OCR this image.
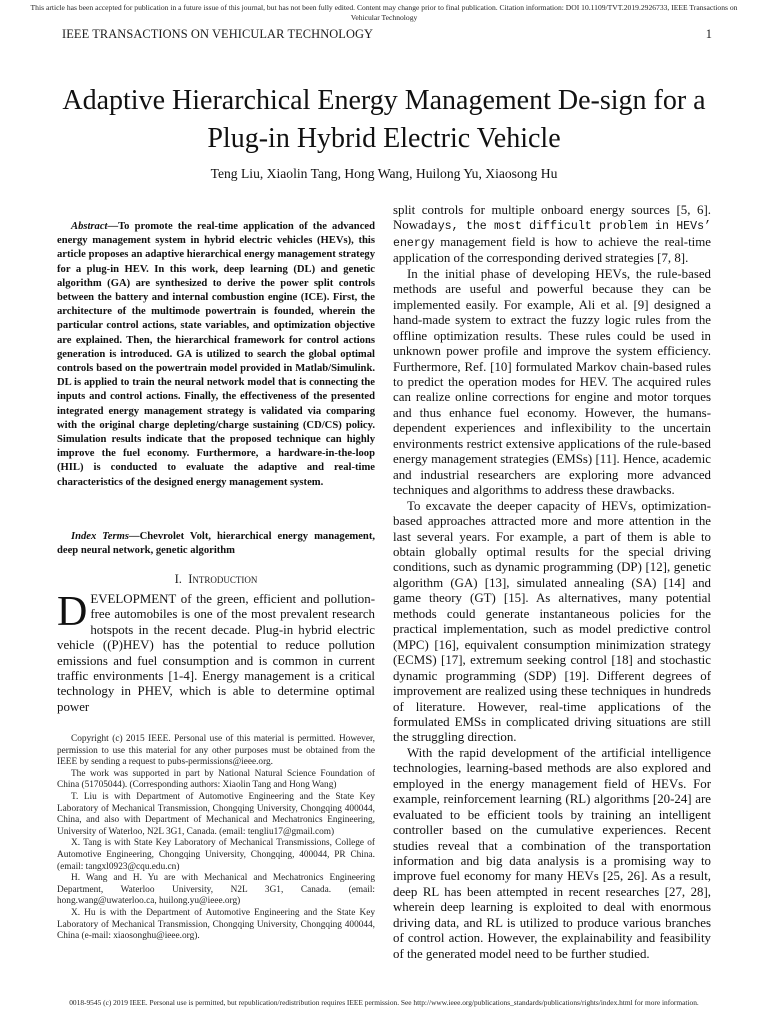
This article has been accepted for publication in a future issue of this journal, but has not been fully edited. Content may change prior to final publication. Citation information: DOI 10.1109/TVT.2019.2926733, IEEE Transactions on Vehicular Technology
IEEE TRANSACTIONS ON VEHICULAR TECHNOLOGY	1
Adaptive Hierarchical Energy Management De-sign for a Plug-in Hybrid Electric Vehicle
Teng Liu, Xiaolin Tang, Hong Wang, Huilong Yu, Xiaosong Hu
Abstract—To promote the real-time application of the advanced energy management system in hybrid electric vehicles (HEVs), this article proposes an adaptive hierarchical energy management strategy for a plug-in HEV. In this work, deep learning (DL) and genetic algorithm (GA) are synthesized to derive the power split controls between the battery and internal combustion engine (ICE). First, the architecture of the multimode powertrain is founded, wherein the particular control actions, state variables, and optimization objective are explained. Then, the hierarchical framework for control actions generation is introduced. GA is utilized to search the global optimal controls based on the powertrain model provided in Matlab/Simulink. DL is applied to train the neural network model that is connecting the inputs and control actions. Finally, the effectiveness of the presented integrated energy management strategy is validated via comparing with the original charge depleting/charge sustaining (CD/CS) policy. Simulation results indicate that the proposed technique can highly improve the fuel economy. Furthermore, a hardware-in-the-loop (HIL) is conducted to evaluate the adaptive and real-time characteristics of the designed energy management system.
Index Terms—Chevrolet Volt, hierarchical energy management, deep neural network, genetic algorithm
I. Introduction
DEVELOPMENT of the green, efficient and pollution-free automobiles is one of the most prevalent research hotspots in the recent decade. Plug-in hybrid electric vehicle ((P)HEV) has the potential to reduce pollution emissions and fuel consumption and is common in current traffic environments [1-4]. Energy management is a critical technology in PHEV, which is able to determine optimal power

Copyright (c) 2015 IEEE. Personal use of this material is permitted. However, permission to use this material for any other purposes must be obtained from the IEEE by sending a request to pubs-permissions@ieee.org.

The work was supported in part by National Natural Science Foundation of China (51705044). (Corresponding authors: Xiaolin Tang and Hong Wang)

T. Liu is with Department of Automotive Engineering and the State Key Laboratory of Mechanical Transmission, Chongqing University, Chongqing 400044, China, and also with Department of Mechanical and Mechatronics Engineering, University of Waterloo, N2L 3G1, Canada. (email: tengliu17@gmail.com)

X. Tang is with State Key Laboratory of Mechanical Transmissions, College of Automotive Engineering, Chongqing University, Chongqing, 400044, PR China. (email: tangxl0923@cqu.edu.cn)

H. Wang and H. Yu are with Mechanical and Mechatronics Engineering Department, Waterloo University, N2L 3G1, Canada. (email: hong.wang@uwaterloo.ca, huilong.yu@ieee.org)

X. Hu is with the Department of Automotive Engineering and the State Key Laboratory of Mechanical Transmission, Chongqing University, Chongqing 400044, China (e-mail: xiaosonghu@ieee.org).

split controls for multiple onboard energy sources [5, 6]. Nowadays, the most difficult problem in HEVs’ energy management field is how to achieve the real-time application of the corresponding derived strategies [7, 8].

In the initial phase of developing HEVs, the rule-based methods are useful and powerful because they can be implemented easily. For example, Ali et al. [9] designed a hand-made system to extract the fuzzy logic rules from the offline optimization results. These rules could be used in unknown power profile and improve the system efficiency. Furthermore, Ref. [10] formulated Markov chain-based rules to predict the operation modes for HEV. The acquired rules can realize online corrections for engine and motor torques and thus enhance fuel economy. However, the humans-dependent experiences and inflexibility to the uncertain environments restrict extensive applications of the rule-based energy management strategies (EMSs) [11]. Hence, academic and industrial researchers are exploring more advanced techniques and algorithms to address these drawbacks.

To excavate the deeper capacity of HEVs, optimization-based approaches attracted more and more attention in the last several years. For example, a part of them is able to obtain globally optimal results for the special driving conditions, such as dynamic programming (DP) [12], genetic algorithm (GA) [13], simulated annealing (SA) [14] and game theory (GT) [15]. As alternatives, many potential methods could generate instantaneous policies for the practical implementation, such as model predictive control (MPC) [16], equivalent consumption minimization strategy (ECMS) [17], extremum seeking control [18] and stochastic dynamic programming (SDP) [19]. Different degrees of improvement are realized using these techniques in hundreds of literature. However, real-time applications of the formulated EMSs in complicated driving situations are still the struggling direction.

With the rapid development of the artificial intelligence technologies, learning-based methods are also explored and employed in the energy management field of HEVs. For example, reinforcement learning (RL) algorithms [20-24] are evaluated to be efficient tools by training an intelligent controller based on the cumulative experiences. Recent studies reveal that a combination of the transportation information and big data analysis is a promising way to improve fuel economy for many HEVs [25, 26]. As a result, deep RL has been attempted in recent researches [27, 28], wherein deep learning is exploited to deal with enormous driving data, and RL is utilized to produce various branches of control action. However, the explainability and feasibility of the generated model need to be further studied.

0018-9545 (c) 2019 IEEE. Personal use is permitted, but republication/redistribution requires IEEE permission. See http://www.ieee.org/publications_standards/publications/rights/index.html for more information.
